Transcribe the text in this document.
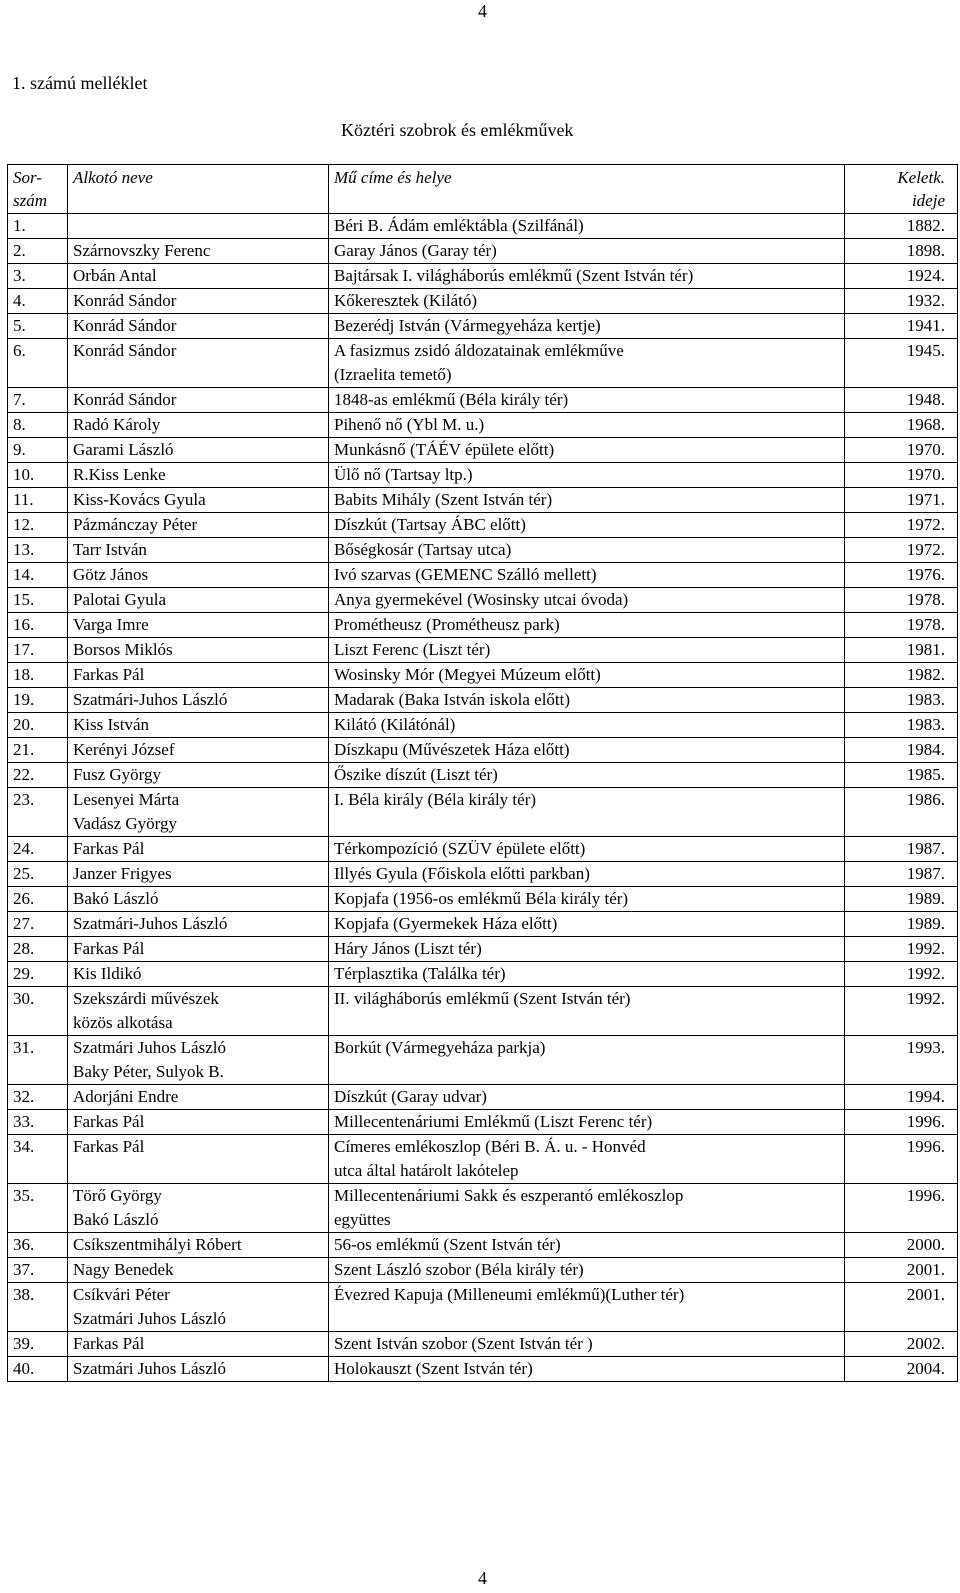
4
1. számú melléklet
Köztéri szobrok és emlékművek
Sor-
szám	Alkotó neve	Mű címe és helye	Keletk.
ideje

1.		Béri B. Ádám emléktábla (Szilfánál)	1882.
2.	Szárnovszky Ferenc	Garay János (Garay tér)	1898.
3.	Orbán Antal	Bajtársak I. világháborús emlékmű (Szent István tér)	1924.
4.	Konrád Sándor	Kőkeresztek (Kilátó)	1932.
5.	Konrád Sándor	Bezerédj István (Vármegyeháza kertje)	1941.
6.	Konrád Sándor	A fasizmus zsidó áldozatainak emlékműve
(Izraelita temető)	1945.
7.	Konrád Sándor	1848-as emlékmű (Béla király tér)	1948.
8.	Radó Károly	Pihenő nő (Ybl M. u.)	1968.
9.	Garami László	Munkásnő (TÁÉV épülete előtt)	1970.
10.	R.Kiss Lenke	Ülő nő (Tartsay ltp.)	1970.
11.	Kiss-Kovács Gyula	Babits Mihály (Szent István tér)	1971.
12.	Pázmánczay Péter	Díszkút (Tartsay ÁBC előtt)	1972.
13.	Tarr István	Bőségkosár (Tartsay utca)	1972.
14.	Götz János	Ivó szarvas (GEMENC Szálló mellett)	1976.
15.	Palotai Gyula	Anya gyermekével (Wosinsky utcai óvoda)	1978.
16.	Varga Imre	Prométheusz (Prométheusz park)	1978.
17.	Borsos Miklós	Liszt Ferenc (Liszt tér)	1981.
18.	Farkas Pál	Wosinsky Mór (Megyei Múzeum előtt)	1982.
19.	Szatmári-Juhos László	Madarak (Baka István iskola előtt)	1983.
20.	Kiss István	Kilátó (Kilátónál)	1983.
21.	Kerényi József	Díszkapu (Művészetek Háza előtt)	1984.
22.	Fusz György	Őszike díszút (Liszt tér)	1985.
23.	Lesenyei Márta
Vadász György	I. Béla király (Béla király tér)	1986.
24.	Farkas Pál	Térkompozíció (SZÜV épülete előtt)	1987.
25.	Janzer Frigyes	Illyés Gyula (Főiskola előtti parkban)	1987.
26.	Bakó László	Kopjafa (1956-os emlékmű Béla király tér)	1989.
27.	Szatmári-Juhos László	Kopjafa (Gyermekek Háza előtt)	1989.
28.	Farkas Pál	Háry János (Liszt tér)	1992.
29.	Kis Ildikó	Térplasztika (Találka tér)	1992.
30.	Szekszárdi művészek
közös alkotása	II. világháborús emlékmű (Szent István tér)	1992.
31.	Szatmári Juhos László
Baky Péter, Sulyok B.	Borkút (Vármegyeháza parkja)	1993.
32.	Adorjáni Endre	Díszkút (Garay udvar)	1994.
33.	Farkas Pál	Millecentenáriumi Emlékmű (Liszt Ferenc tér)	1996.
34.	Farkas Pál	Címeres emlékoszlop (Béri B. Á. u. - Honvéd
utca által határolt lakótelep	1996.
35.	Törő György
Bakó László	Millecentenáriumi Sakk és eszperantó emlékoszlop
együttes	1996.
36.	Csíkszentmihályi Róbert	56-os emlékmű (Szent István tér)	2000.
37.	Nagy Benedek	Szent László szobor (Béla király tér)	2001.
38.	Csíkvári Péter
Szatmári Juhos László	Évezred Kapuja (Milleneumi emlékmű)(Luther tér)	2001.
39.	Farkas Pál	Szent István szobor (Szent István tér )	2002.
40.	Szatmári Juhos László	Holokauszt (Szent István tér)	2004.
4
